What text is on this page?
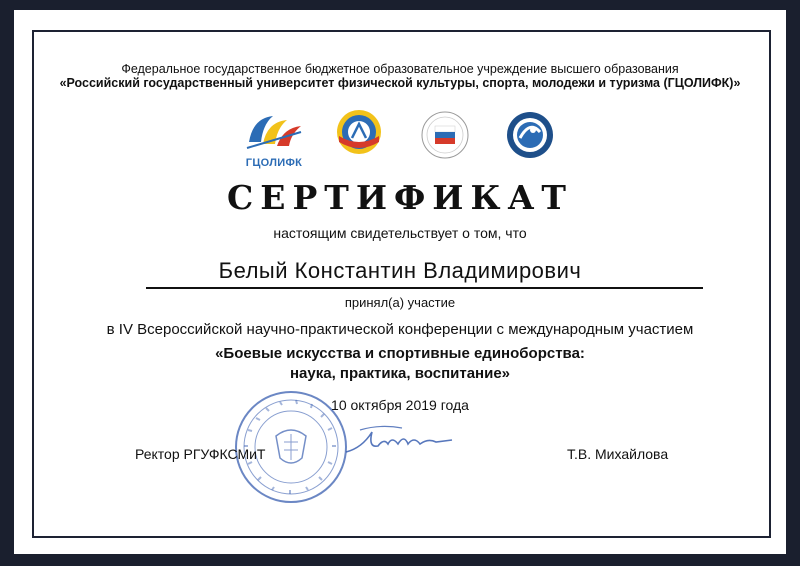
Федеральное государственное бюджетное образовательное учреждение высшего образования
«Российский государственный университет физической культуры, спорта, молодежи и туризма (ГЦОЛИФК)»
ГЦОЛИФК
СЕРТИФИКАТ
настоящим свидетельствует о том, что
Белый Константин Владимирович
принял(а) участие
в IV Всероссийской научно-практической конференции с международным участием
«Боевые искусства и спортивные единоборства:
наука, практика, воспитание»
10 октября 2019 года
Ректор РГУФКСМиТ	Т.В. Михайлова
